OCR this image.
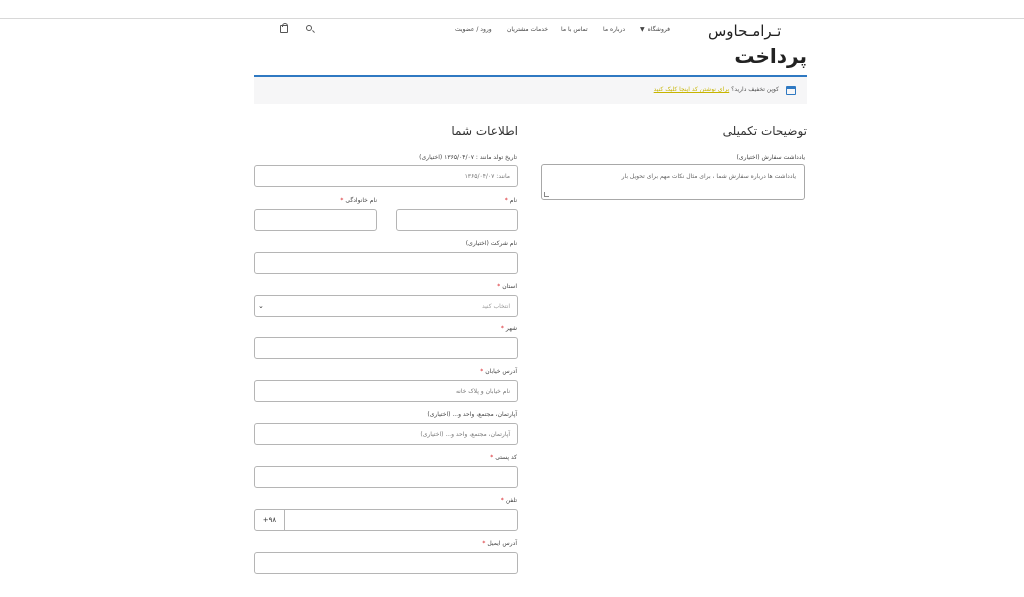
تـرامـحاوس
فروشگاه▼
درباره ما
تماس با ما
خدمات مشتریان
ورود / عضویت
پرداخت
کوپن تخفیف دارید؟ برای نوشتن کد اینجا کلیک کنید
توضیحات تکمیلی
یادداشت سفارش (اختیاری)
یادداشت ها درباره سفارش شما ، برای مثال نکات مهم برای تحویل بار
اطلاعات شما
تاریخ تولد مانند : ۱۳۶۵/۰۴/۰۷ (اختیاری)
مانند: ۱۳۶۵/۰۴/۰۷
نام*
نام خانوادگی*
نام شرکت (اختیاری)
استان*
انتخاب کنید
⌄
شهر*
آدرس خیابان*
نام خیابان و پلاک خانه
آپارتمان، مجتمع، واحد و... (اختیاری)
آپارتمان، مجتمع، واحد و... (اختیاری)
کد پستی*
تلفن*
+۹۸
آدرس ایمیل*
